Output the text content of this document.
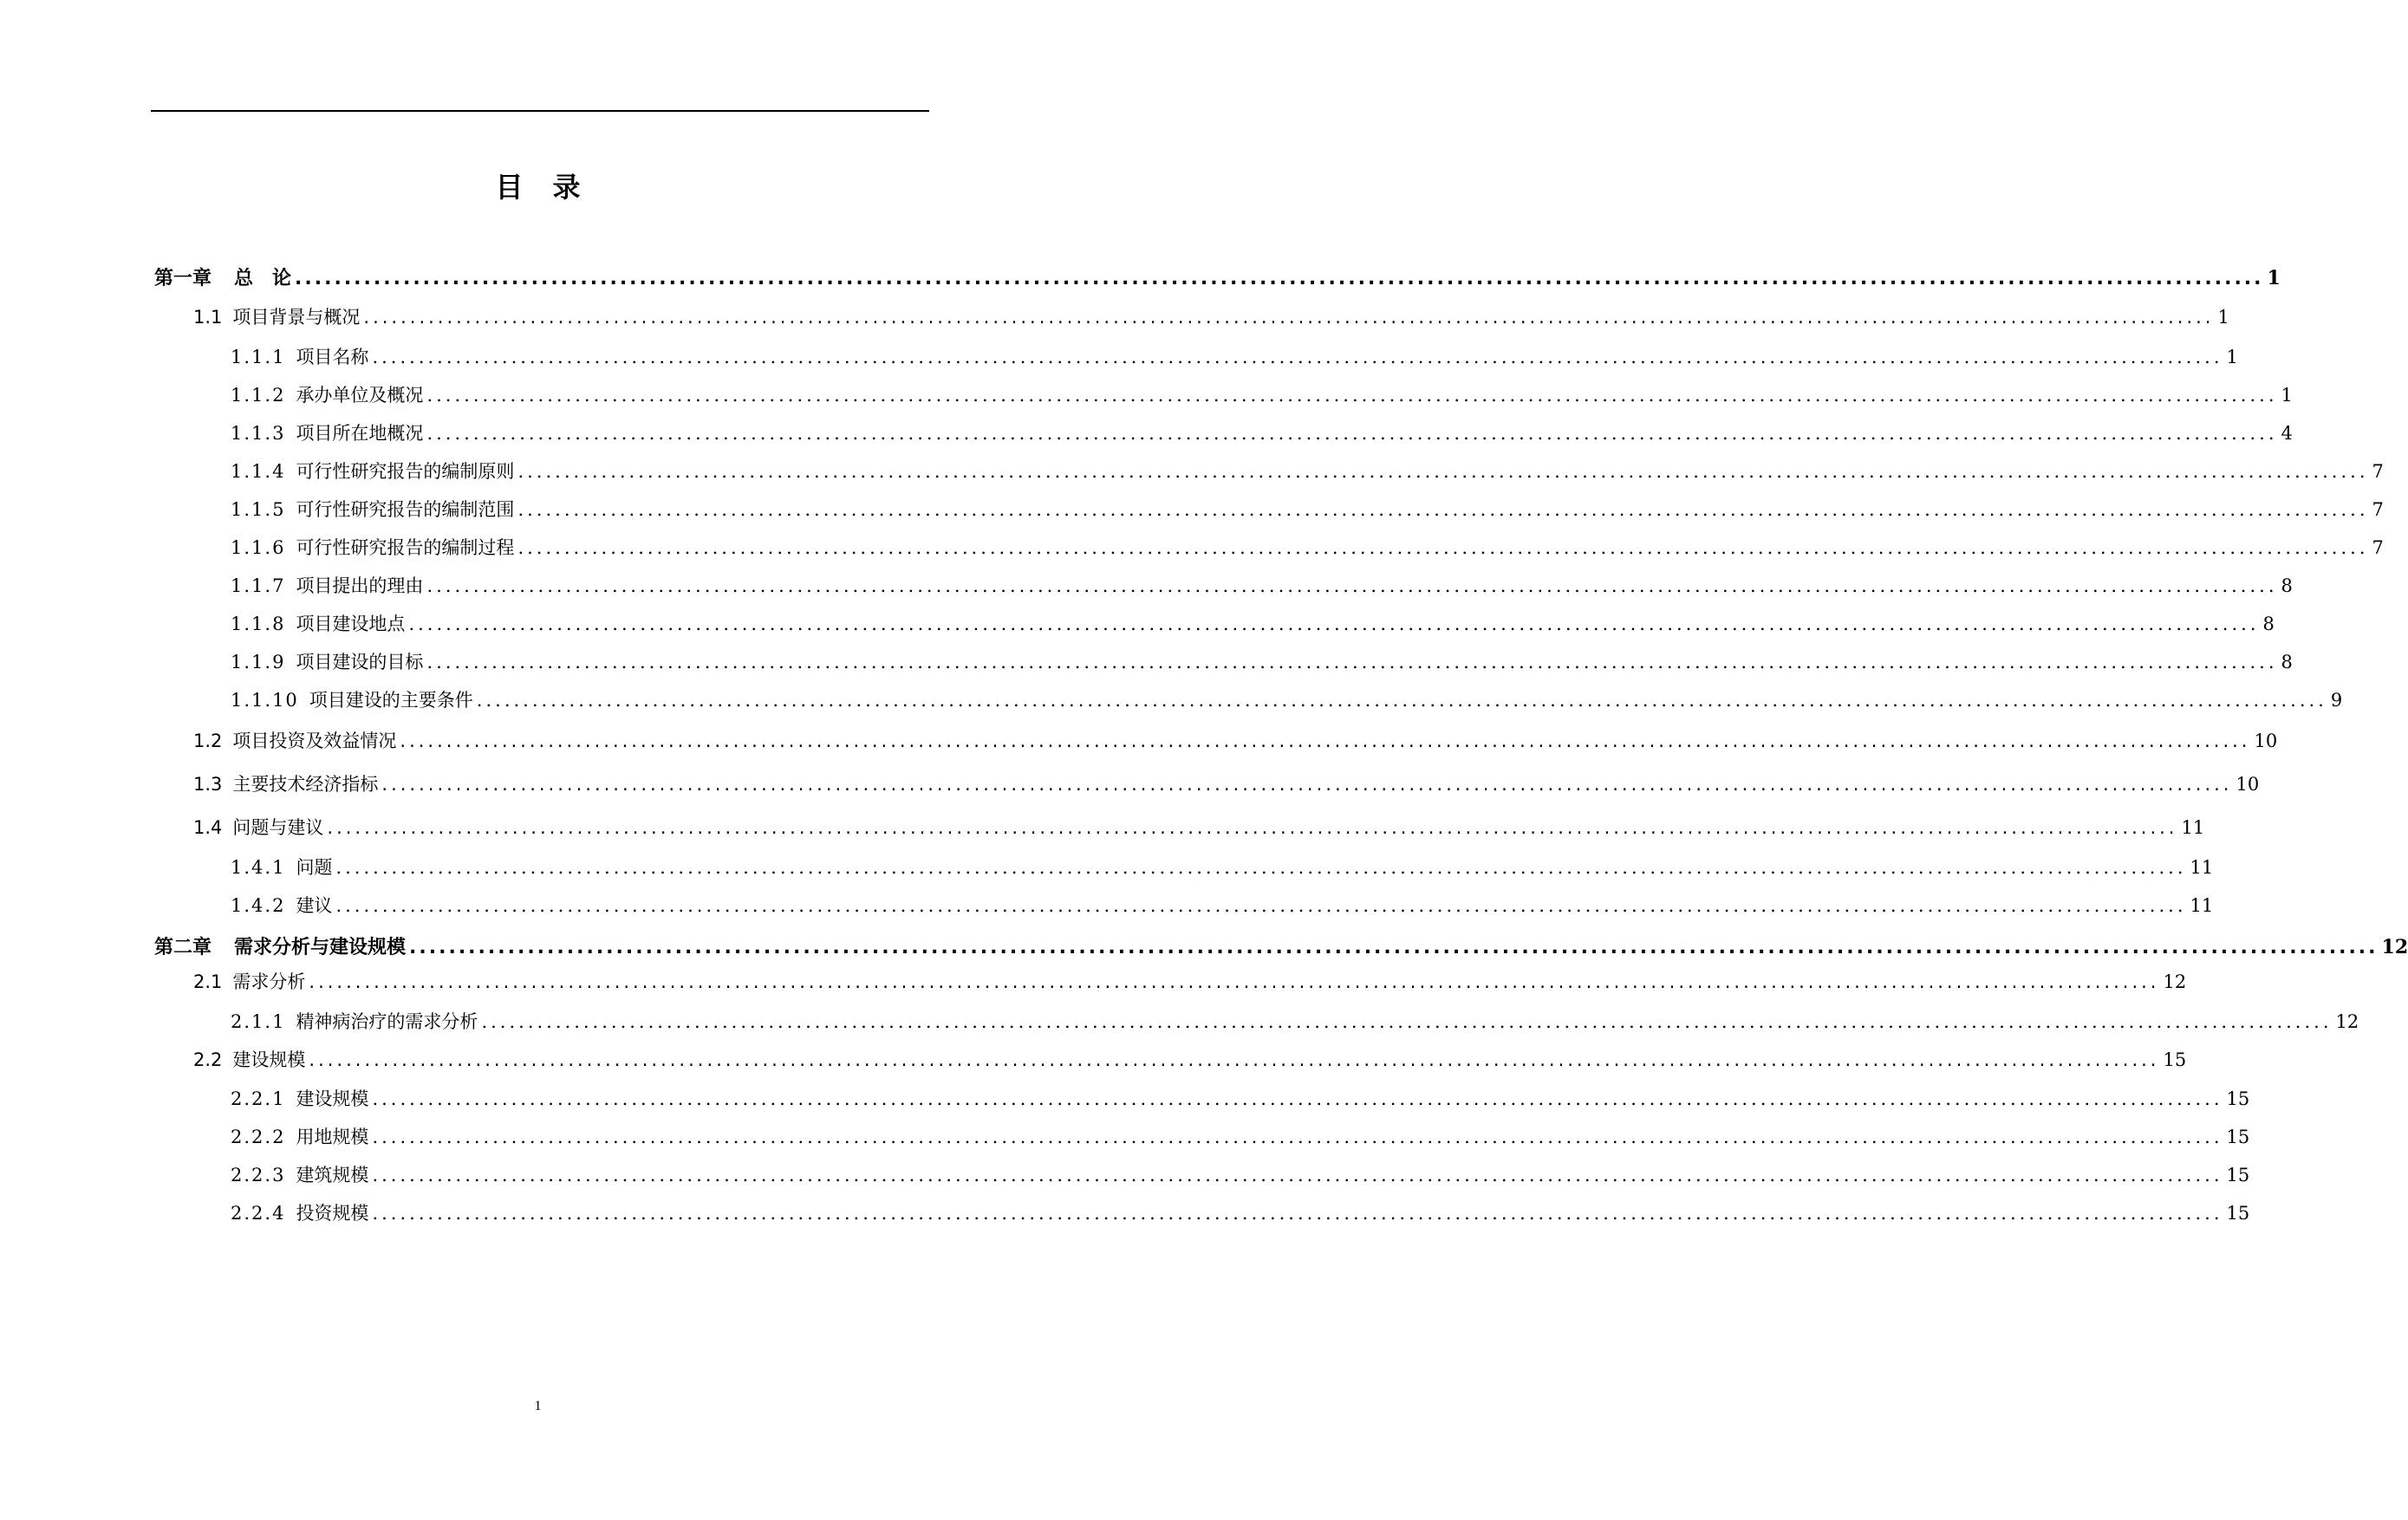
目录
第一章 总　论 ........................................................................................................................................................................................................ 1
1.1 项目背景与概况 ........................................................................................................................................................................................................ 1
1.1.1 项目名称 ........................................................................................................................................................................................................ 1
1.1.2 承办单位及概况 ........................................................................................................................................................................................................ 1
1.1.3 项目所在地概况 ........................................................................................................................................................................................................ 4
1.1.4 可行性研究报告的编制原则 ........................................................................................................................................................................................................ 7
1.1.5 可行性研究报告的编制范围 ........................................................................................................................................................................................................ 7
1.1.6 可行性研究报告的编制过程 ........................................................................................................................................................................................................ 7
1.1.7 项目提出的理由 ........................................................................................................................................................................................................ 8
1.1.8 项目建设地点 ........................................................................................................................................................................................................ 8
1.1.9 项目建设的目标 ........................................................................................................................................................................................................ 8
1.1.10 项目建设的主要条件 ........................................................................................................................................................................................................ 9
1.2 项目投资及效益情况 ........................................................................................................................................................................................................ 10
1.3 主要技术经济指标 ........................................................................................................................................................................................................ 10
1.4 问题与建议 ........................................................................................................................................................................................................ 11
1.4.1 问题 ........................................................................................................................................................................................................ 11
1.4.2 建议 ........................................................................................................................................................................................................ 11
第二章 需求分析与建设规模 ........................................................................................................................................................................................................ 12
2.1 需求分析 ........................................................................................................................................................................................................ 12
2.1.1 精神病治疗的需求分析 ........................................................................................................................................................................................................ 12
2.2 建设规模 ........................................................................................................................................................................................................ 15
2.2.1 建设规模 ........................................................................................................................................................................................................ 15
2.2.2 用地规模 ........................................................................................................................................................................................................ 15
2.2.3 建筑规模 ........................................................................................................................................................................................................ 15
2.2.4 投资规模 ........................................................................................................................................................................................................ 15
1
